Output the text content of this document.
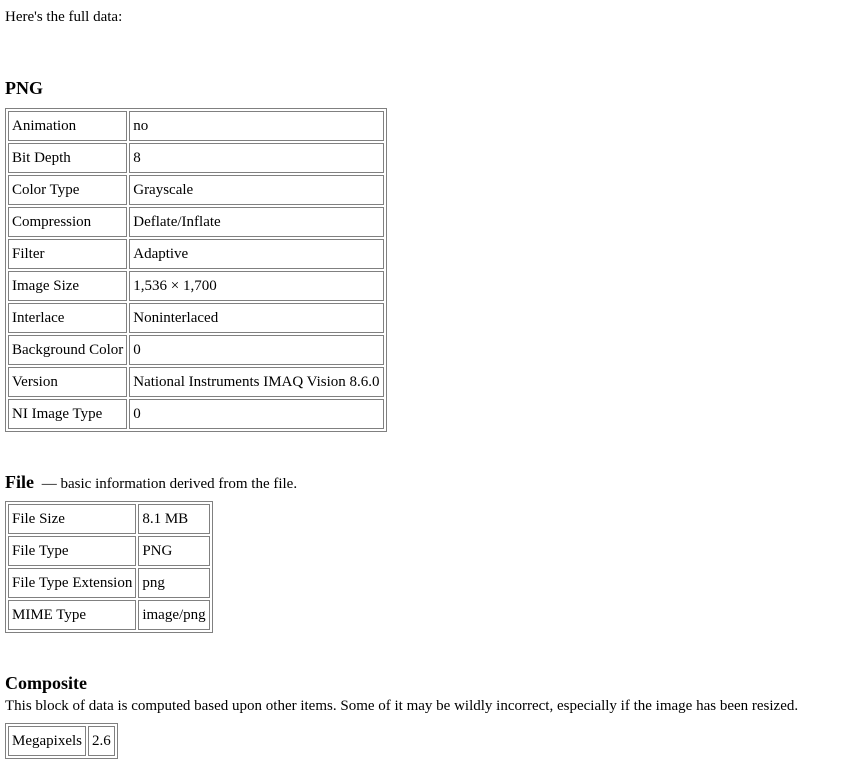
Here's the full data:
PNG
Animation	no
Bit Depth	8
Color Type	Grayscale
Compression	Deflate/Inflate
Filter	Adaptive
Image Size	1,536 × 1,700
Interlace	Noninterlaced
Background Color	0
Version	National Instruments IMAQ Vision 8.6.0
NI Image Type	0
File — basic information derived from the file.
File Size	8.1 MB
File Type	PNG
File Type Extension	png
MIME Type	image/png
Composite
This block of data is computed based upon other items. Some of it may be wildly incorrect, especially if the image has been resized.
Megapixels	2.6
